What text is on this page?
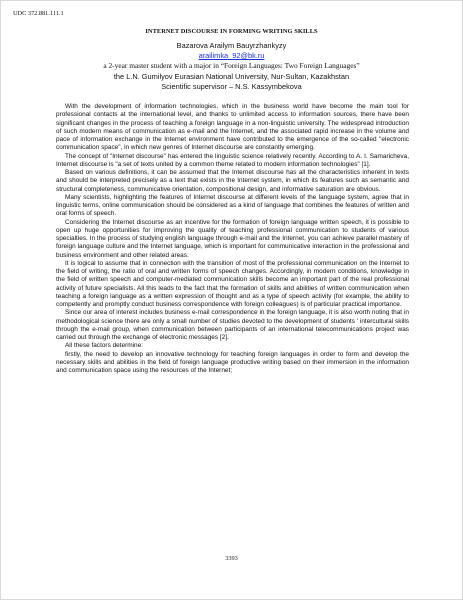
UDC 372.881.111.1
INTERNET DISCOURSE IN FORMING WRITING SKILLS
Bazarova Arailym Bauyrzhankyzy
arailimka_92@bk.ru
a 2-year master student with a major in “Foreign Languages: Two Foreign Languages”
the L.N. Gumilyov Eurasian National University, Nur-Sultan, Kazakhstan
Scientific supervisor – N.S. Kassymbekova

With the development of information technologies, which in the business world have become the main tool for professional contacts at the international level, and thanks to unlimited access to information sources, there have been significant changes in the process of teaching a foreign language in a non-linguistic university. The widespread introduction of such modern means of communication as e-mail and the Internet, and the associated rapid increase in the volume and pace of information exchange in the Internet environment have contributed to the emergence of the so-called "electronic communication space", in which new genres of Internet discourse are constantly emerging.

The concept of "Internet discourse" has entered the linguistic science relatively recently. According to A. I. Samaricheva, Internet discourse is "a set of texts united by a common theme related to modern information technologies" [1].

Based on various definitions, it can be assumed that the Internet discourse has all the characteristics inherent in texts and should be interpreted precisely as a text that exists in the Internet system, in which its features such as semantic and structural completeness, communicative orientation, compositional design, and informative saturation are obvious.

Many scientists, highlighting the features of Internet discourse at different levels of the language system, agree that in linguistic terms, online communication should be considered as a kind of language that combines the features of written and oral forms of speech.

Considering the Internet discourse as an incentive for the formation of foreign language written speech, it is possible to open up huge opportunities for improving the quality of teaching professional communication to students of various specialties. In the process of studying english language through e-mail and the Internet, you can achieve parallel mastery of foreign language culture and the Internet language, which is important for communicative interaction in the professional and business environment and other related areas.

It is logical to assume that in connection with the transition of most of the professional communication on the Internet to the field of writing, the ratio of oral and written forms of speech changes. Accordingly, in modern conditions, knowledge in the field of written speech and computer-mediated communication skills become an important part of the real professional activity of future specialists. All this leads to the fact that the formation of skills and abilities of written communication when teaching a foreign language as a written expression of thought and as a type of speech activity (for example, the ability to competently and promptly conduct business correspondence with foreign colleagues) is of particular practical importance.

Since our area of interest includes business e-mail correspondence in the foreign language, it is also worth noting that in methodological science there are only a small number of studies devoted to the development of students ' intercultural skills through the e-mail group, when communication between participants of an international telecommunications project was carried out through the exchange of electronic messages [2].

All these factors determine:

firstly, the need to develop an innovative technology for teaching foreign languages in order to form and develop the necessary skills and abilities in the field of foreign language productive writing based on their immersion in the information and communication space using the resources of the Internet;

3393
